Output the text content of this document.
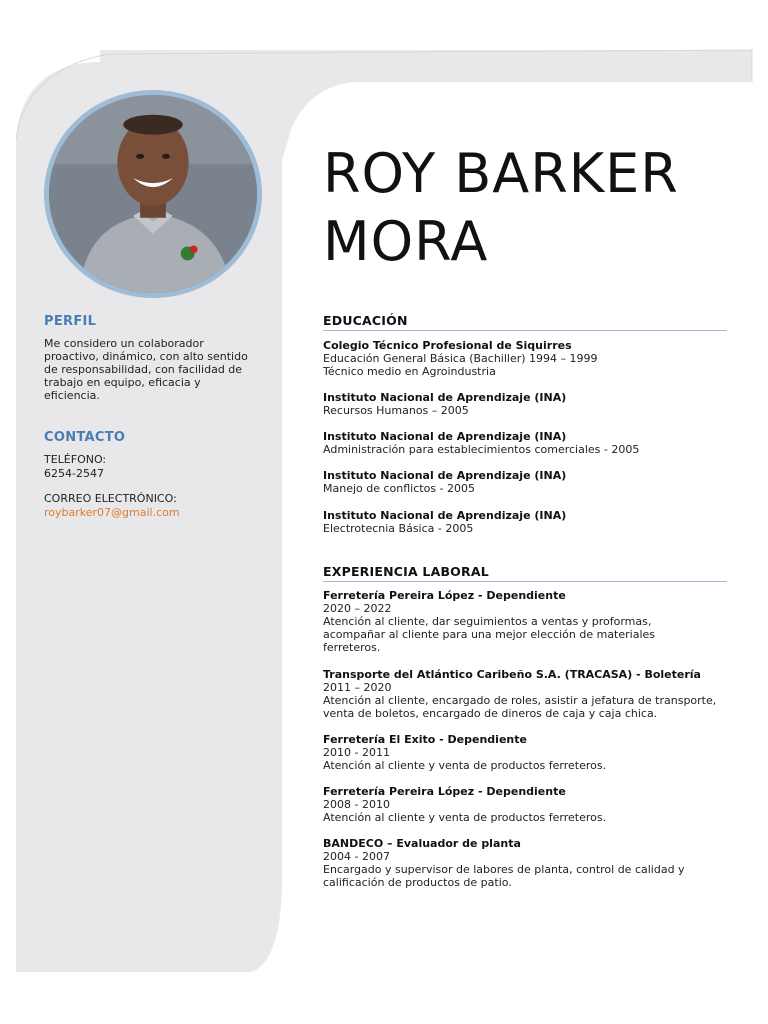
PERFIL

Me considero un colaborador

proactivo, dinámico, con alto sentido

de responsabilidad, con facilidad de

trabajo en equipo, eficacia y

eficiencia.

CONTACTO

TELÉFONO:

6254-2547

CORREO ELECTRÓNICO:

roybarker07@gmail.com

ROY BARKER
MORA
EDUCACIÓN

Colegio Técnico Profesional de Siquirres

Educación General Básica (Bachiller) 1994 – 1999

Técnico medio en Agroindustria

Instituto Nacional de Aprendizaje (INA)

Recursos Humanos – 2005

Instituto Nacional de Aprendizaje (INA)

Administración para establecimientos comerciales - 2005

Instituto Nacional de Aprendizaje (INA)

Manejo de conflictos - 2005

Instituto Nacional de Aprendizaje (INA)

Electrotecnia Básica - 2005

EXPERIENCIA LABORAL

Ferretería Pereira López - Dependiente

2020 – 2022

Atención al cliente, dar seguimientos a ventas y proformas,

acompañar al cliente para una mejor elección de materiales

ferreteros.

Transporte del Atlántico Caribeño S.A. (TRACASA) - Boletería

2011 – 2020

Atención al cliente, encargado de roles, asistir a jefatura de transporte,

venta de boletos, encargado de dineros de caja y caja chica.

Ferretería El Exito - Dependiente

2010 - 2011

Atención al cliente y venta de productos ferreteros.

Ferretería Pereira López - Dependiente

2008 - 2010

Atención al cliente y venta de productos ferreteros.

BANDECO – Evaluador de planta

2004 - 2007

Encargado y supervisor de labores de planta, control de calidad y

calificación de productos de patio.
